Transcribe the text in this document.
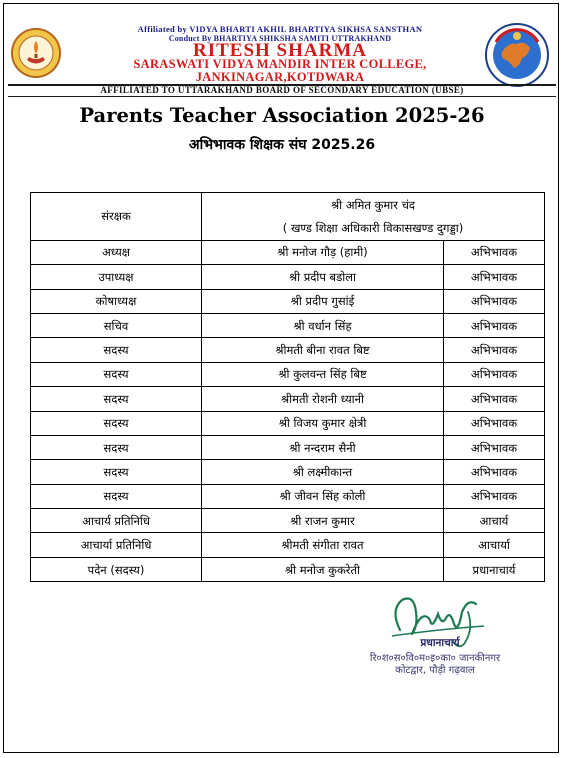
Affiliated by VIDYA BHARTI AKHIL BHARTIYA SIKHSA SANSTHAN
Conduct By BHARTIYA SHIKSHA SAMITI UTTRAKHAND
RITESH SHARMA
SARASWATI VIDYA MANDIR INTER COLLEGE,
JANKINAGAR,KOTDWARA
AFFILIATED TO UTTARAKHAND BOARD OF SECONDARY EDUCATION (UBSE)
Parents Teacher Association 2025-26
अभिभावक शिक्षक संघ 2025.26
संरक्षक	श्री अमित कुमार चंद	
	( खण्ड शिक्षा अधिकारी विकासखण्ड दुगड्डा)	
अध्यक्ष	श्री मनोज गौड़ (हामी)	अभिभावक
उपाध्यक्ष	श्री प्रदीप बडोला	अभिभावक
कोषाध्यक्ष	श्री प्रदीप गुसांई	अभिभावक
सचिव	श्री वर्धान सिंह	अभिभावक
सदस्य	श्रीमती बीना रावत बिष्ट	अभिभावक
सदस्य	श्री कुलवन्त सिंह बिष्ट	अभिभावक
सदस्य	श्रीमती रोशनी ध्यानी	अभिभावक
सदस्य	श्री विजय कुमार क्षेत्री	अभिभावक
सदस्य	श्री नन्दराम सैनी	अभिभावक
सदस्य	श्री लक्ष्मीकान्त	अभिभावक
सदस्य	श्री जीवन सिंह कोली	अभिभावक
आचार्य प्रतिनिधि	श्री राजन कुमार	आचार्य
आचार्या प्रतिनिधि	श्रीमती संगीता रावत	आचार्या
पदेन (सदस्य)	श्री मनोज कुकरेती	प्रधानाचार्य
प्रधानाचार्य
रि०श०स०वि०म०इ०का० जानकीनगर
कोटद्वार, पौड़ी गढ़वाल
